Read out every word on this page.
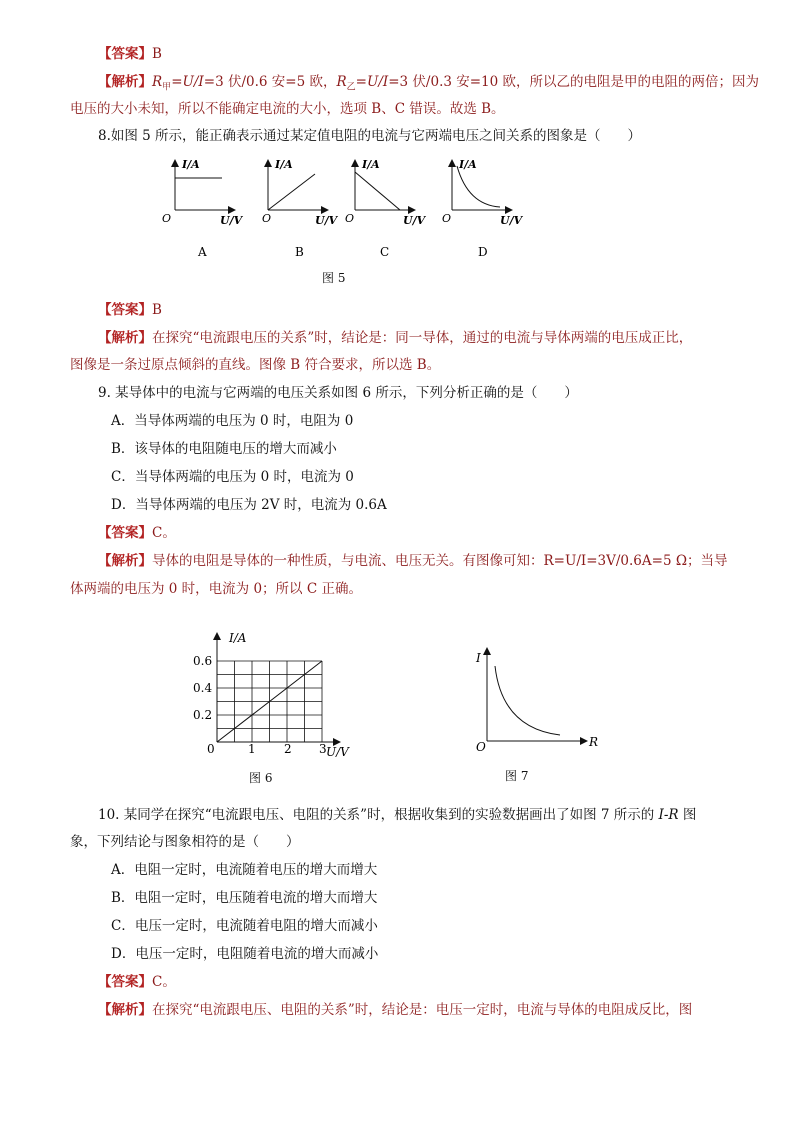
【答案】B
【解析】$R_甲=U/I=3$ 伏/0.6 安=5 欧，$R_乙=U/I=3$ 伏/0.3 安=10 欧，所以乙的电阻是甲的电阻的两倍；因为
电压的大小未知，所以不能确定电流的大小，选项 B、C 错误。故选 B。
8.如图 5 所示，能正确表示通过某定值电阻的电流与它两端电压之间关系的图象是（　　）
I/A
O	U/V
A
I/A
O	U/V
B
I/A
O	U/V
C
I/A
O	U/V
D
图 5
【答案】B
【解析】在探究“电流跟电压的关系”时，结论是：同一导体，通过的电流与导体两端的电压成正比，
图像是一条过原点倾斜的直线。图像 B 符合要求，所以选 B。
9. 某导体中的电流与它两端的电压关系如图 6 所示，下列分析正确的是（　　）
A．当导体两端的电压为 0 时，电阻为 0
B．该导体的电阻随电压的增大而减小
C．当导体两端的电压为 0 时，电流为 0
D．当导体两端的电压为 2V 时，电流为 0.6A
【答案】C。
【解析】导体的电阻是导体的一种性质，与电流、电压无关。有图像可知：R=U/I=3V/0.6A=5 Ω；当导
体两端的电压为 0 时，电流为 0；所以 C 正确。
I/A
U/V
0
0.6
0.4
0.2
1 2 3
图 6
I
R
O
图 7
10. 某同学在探究“电流跟电压、电阻的关系”时，根据收集到的实验数据画出了如图 7 所示的 I-R 图
象，下列结论与图象相符的是（　　）
A．电阻一定时，电流随着电压的增大而增大
B．电阻一定时，电压随着电流的增大而增大
C．电压一定时，电流随着电阻的增大而减小
D．电压一定时，电阻随着电流的增大而减小
【答案】C。
【解析】在探究“电流跟电压、电阻的关系”时，结论是：电压一定时，电流与导体的电阻成反比，图
